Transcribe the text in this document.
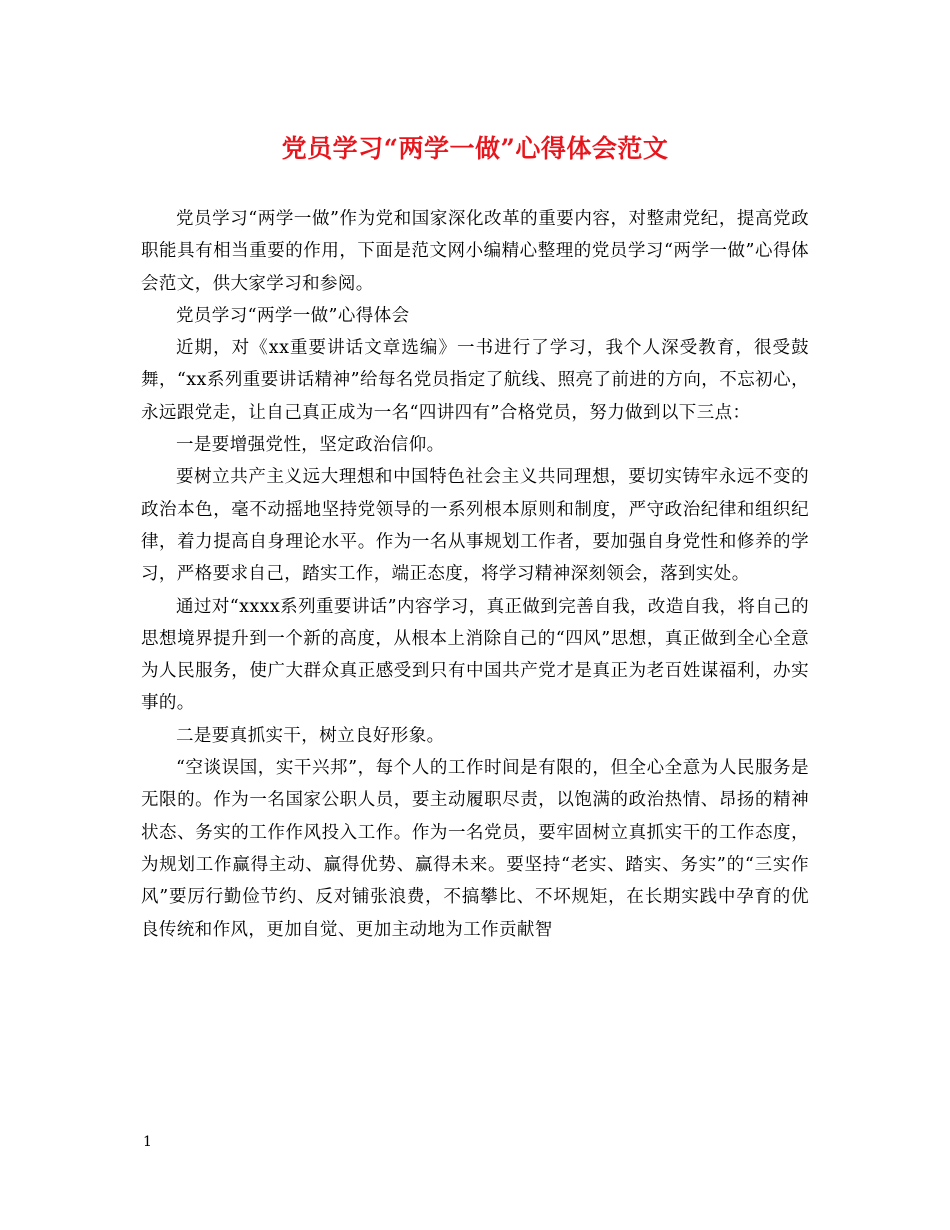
党员学习“两学一做”心得体会范文

党员学习“两学一做”作为党和国家深化改革的重要内容，对整肃党纪，提高党政职能具有相当重要的作用，下面是范文网小编精心整理的党员学习“两学一做”心得体会范文，供大家学习和参阅。

党员学习“两学一做”心得体会

近期，对《xx重要讲话文章选编》一书进行了学习，我个人深受教育，很受鼓舞，“xx系列重要讲话精神”给每名党员指定了航线、照亮了前进的方向，不忘初心，永远跟党走，让自己真正成为一名“四讲四有”合格党员，努力做到以下三点：

一是要增强党性，坚定政治信仰。

要树立共产主义远大理想和中国特色社会主义共同理想，要切实铸牢永远不变的政治本色，毫不动摇地坚持党领导的一系列根本原则和制度，严守政治纪律和组织纪律，着力提高自身理论水平。作为一名从事规划工作者，要加强自身党性和修养的学习，严格要求自己，踏实工作，端正态度，将学习精神深刻领会，落到实处。

通过对“xxxx系列重要讲话”内容学习，真正做到完善自我，改造自我，将自己的思想境界提升到一个新的高度，从根本上消除自己的“四风”思想，真正做到全心全意为人民服务，使广大群众真正感受到只有中国共产党才是真正为老百姓谋福利，办实事的。

二是要真抓实干，树立良好形象。

“空谈误国，实干兴邦”，每个人的工作时间是有限的，但全心全意为人民服务是无限的。作为一名国家公职人员，要主动履职尽责，以饱满的政治热情、昂扬的精神状态、务实的工作作风投入工作。作为一名党员，要牢固树立真抓实干的工作态度，为规划工作赢得主动、赢得优势、赢得未来。要坚持“老实、踏实、务实”的“三实作风”要厉行勤俭节约、反对铺张浪费，不搞攀比、不坏规矩，在长期实践中孕育的优良传统和作风，更加自觉、更加主动地为工作贡献智

1
